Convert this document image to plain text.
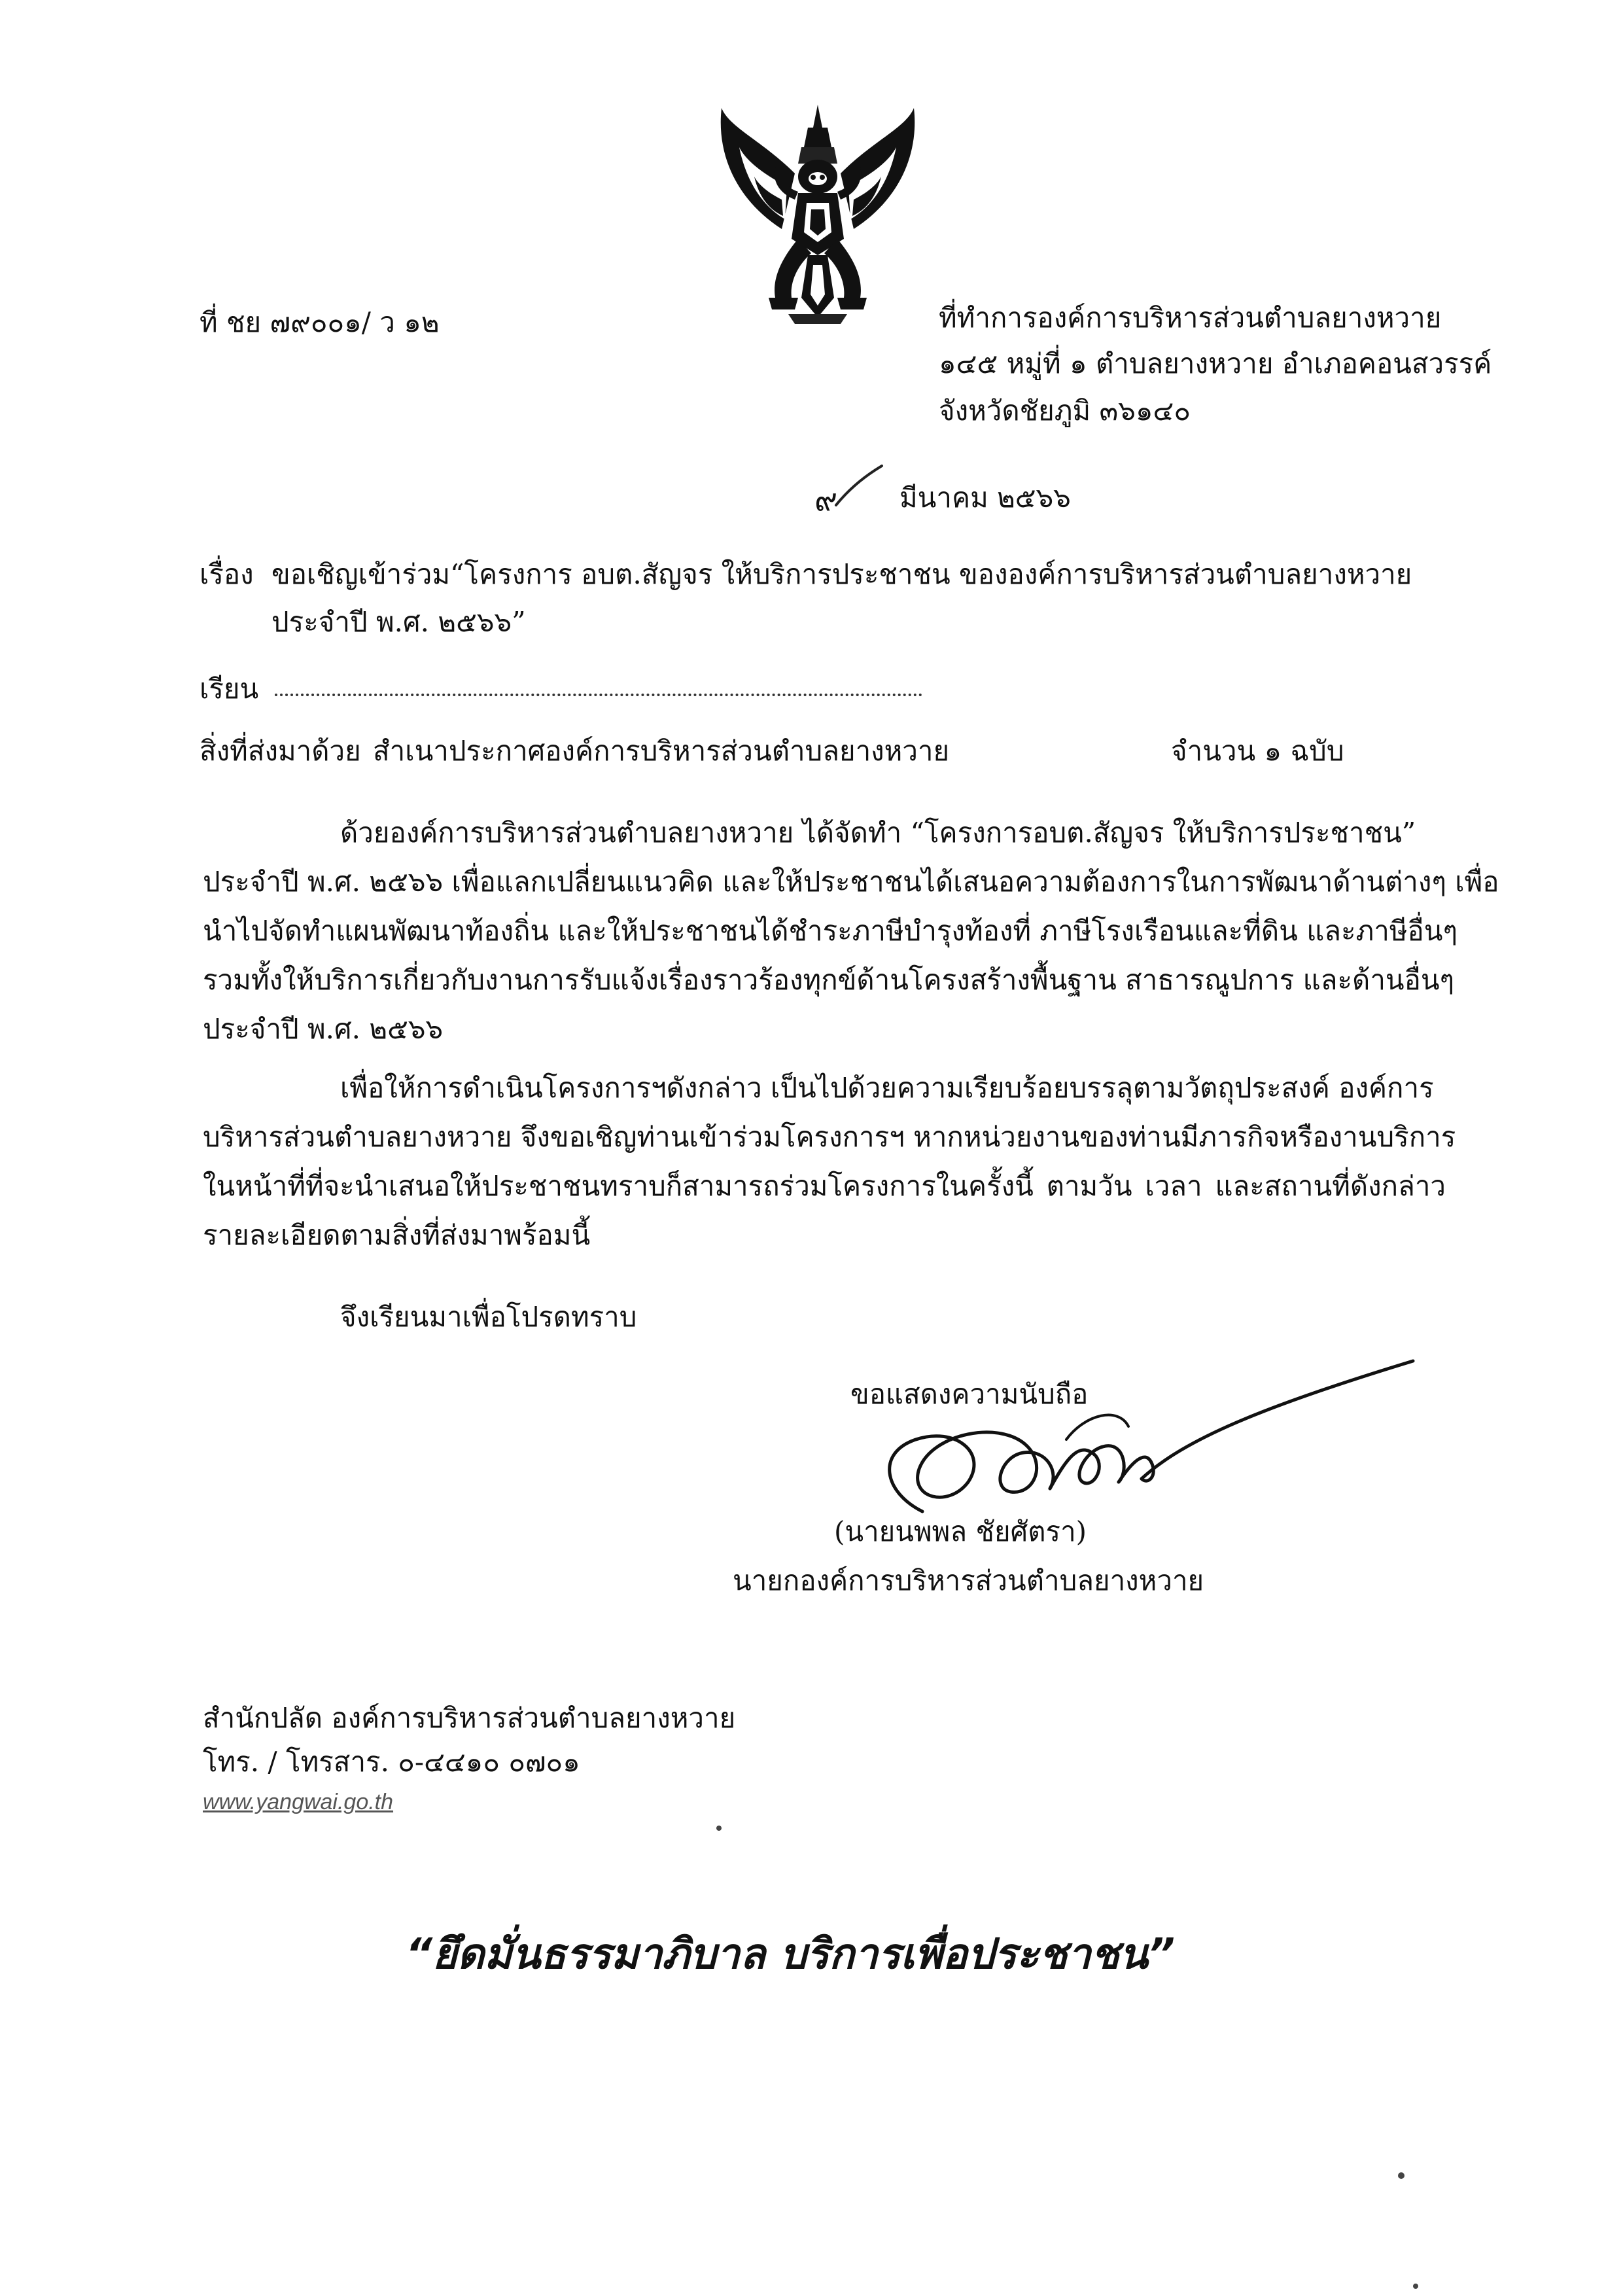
ที่ ชย ๗๙๐๐๑/ ว ๑๒	ที่ทำการองค์การบริหารส่วนตำบลยางหวาย
๑๔๕ หมู่ที่ ๑ ตำบลยางหวาย อำเภอคอนสวรรค์
จังหวัดชัยภูมิ ๓๖๑๔๐
๙ มีนาคม ๒๕๖๖
เรื่อง ขอเชิญเข้าร่วม“โครงการ อบต.สัญจร ให้บริการประชาชน ขององค์การบริหารส่วนตำบลยางหวาย
ประจำปี พ.ศ. ๒๕๖๖”
เรียน
สิ่งที่ส่งมาด้วย สำเนาประกาศองค์การบริหารส่วนตำบลยางหวาย	จำนวน ๑ ฉบับ
ด้วยองค์การบริหารส่วนตำบลยางหวาย ได้จัดทำ “โครงการอบต.สัญจร ให้บริการประชาชน”
ประจำปี พ.ศ. ๒๕๖๖ เพื่อแลกเปลี่ยนแนวคิด และให้ประชาชนได้เสนอความต้องการในการพัฒนาด้านต่างๆ เพื่อ
นำไปจัดทำแผนพัฒนาท้องถิ่น และให้ประชาชนได้ชำระภาษีบำรุงท้องที่ ภาษีโรงเรือนและที่ดิน และภาษีอื่นๆ
รวมทั้งให้บริการเกี่ยวกับงานการรับแจ้งเรื่องราวร้องทุกข์ด้านโครงสร้างพื้นฐาน สาธารณูปการ และด้านอื่นๆ
ประจำปี พ.ศ. ๒๕๖๖
เพื่อให้การดำเนินโครงการฯดังกล่าว เป็นไปด้วยความเรียบร้อยบรรลุตามวัตถุประสงค์ องค์การ
บริหารส่วนตำบลยางหวาย จึงขอเชิญท่านเข้าร่วมโครงการฯ หากหน่วยงานของท่านมีภารกิจหรืองานบริการ
ในหน้าที่ที่จะนำเสนอให้ประชาชนทราบก็สามารถร่วมโครงการในครั้งนี้ ตามวัน เวลา และสถานที่ดังกล่าว
รายละเอียดตามสิ่งที่ส่งมาพร้อมนี้
จึงเรียนมาเพื่อโปรดทราบ
ขอแสดงความนับถือ
(นายนพพล ชัยศัตรา)
นายกองค์การบริหารส่วนตำบลยางหวาย
สำนักปลัด องค์การบริหารส่วนตำบลยางหวาย
โทร. / โทรสาร. ๐-๔๔๑๐ ๐๗๐๑
www.yangwai.go.th
“ยึดมั่นธรรมาภิบาล บริการเพื่อประชาชน”
